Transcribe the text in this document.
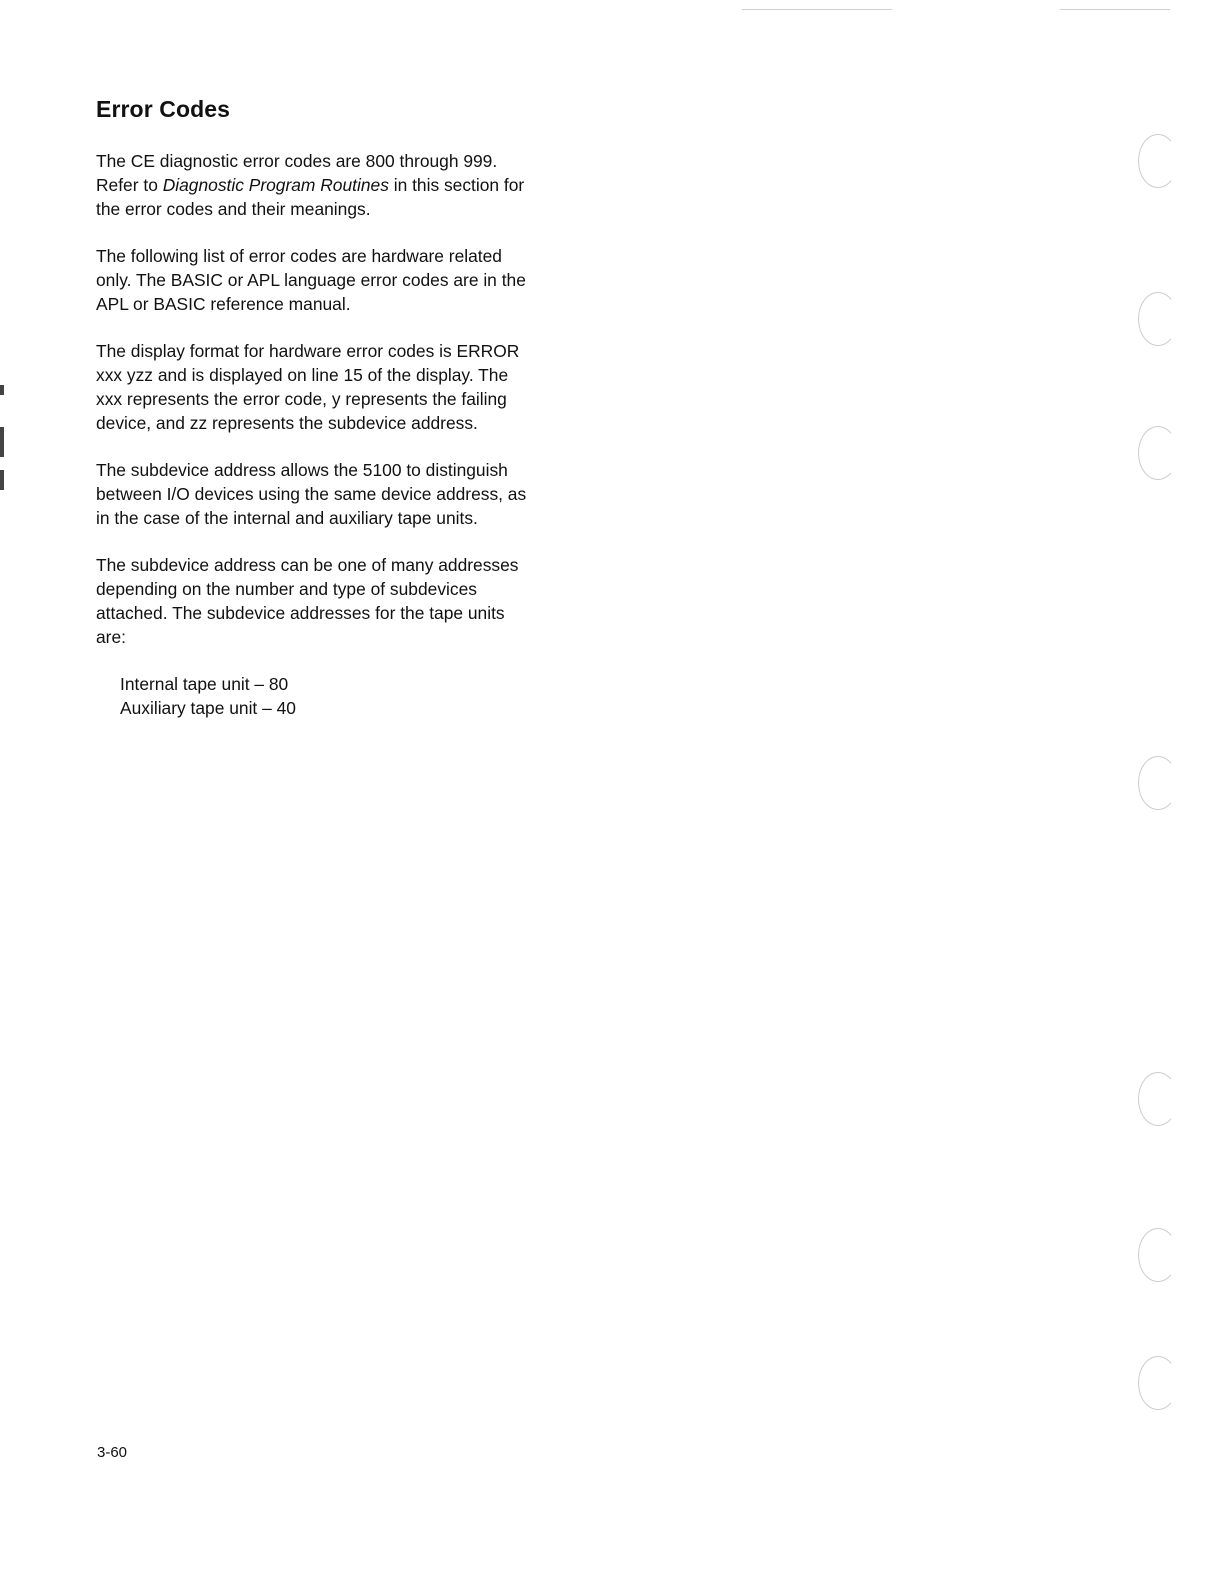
Error Codes

The CE diagnostic error codes are 800 through 999.
Refer to Diagnostic Program Routines in this section for
the error codes and their meanings.

The following list of error codes are hardware related
only. The BASIC or APL language error codes are in the
APL or BASIC reference manual.

The display format for hardware error codes is ERROR
xxx yzz and is displayed on line 15 of the display. The
xxx represents the error code, y represents the failing
device, and zz represents the subdevice address.

The subdevice address allows the 5100 to distinguish
between I/O devices using the same device address, as
in the case of the internal and auxiliary tape units.

The subdevice address can be one of many addresses
depending on the number and type of subdevices
attached. The subdevice addresses for the tape units
are:

Internal tape unit – 80
Auxiliary tape unit – 40
3-60
